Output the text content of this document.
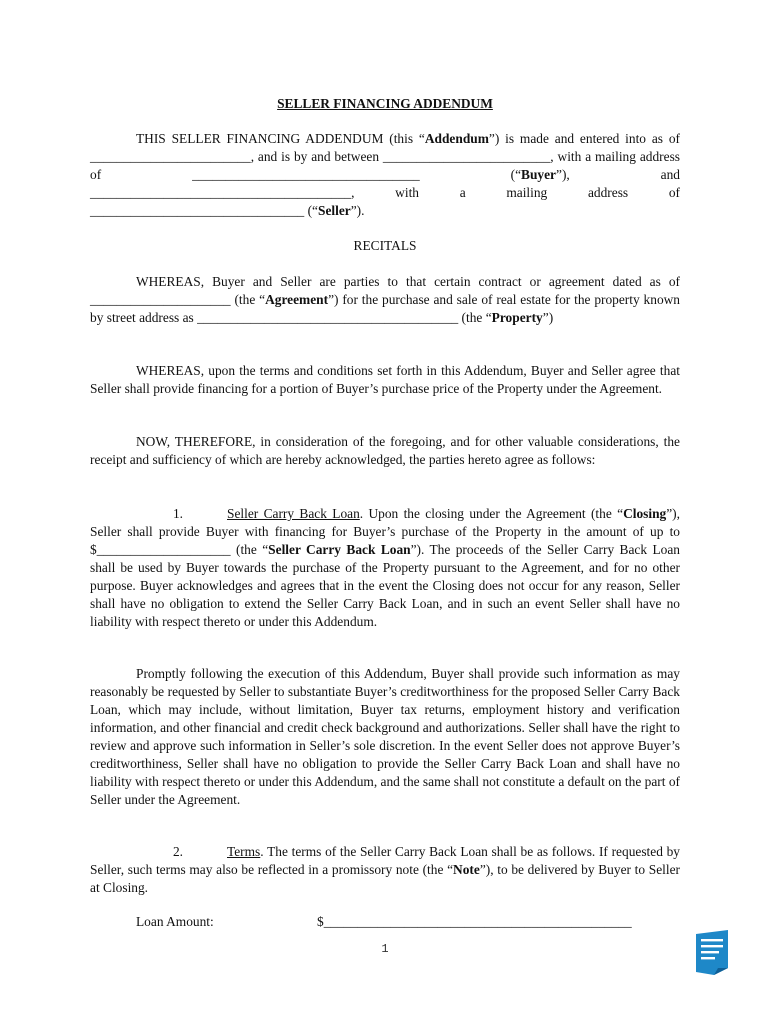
SELLER FINANCING ADDENDUM
THIS SELLER FINANCING ADDENDUM (this “Addendum”) is made and entered into as of ________________________, and is by and between _________________________, with a mailing address of __________________________________ (“Buyer”), and _______________________________________, with a mailing address of ________________________________ (“Seller”).
RECITALS
WHEREAS, Buyer and Seller are parties to that certain contract or agreement dated as of _____________________ (the “Agreement”) for the purchase and sale of real estate for the property known by street address as _______________________________________ (the “Property”)
WHEREAS, upon the terms and conditions set forth in this Addendum, Buyer and Seller agree that Seller shall provide financing for a portion of Buyer’s purchase price of the Property under the Agreement.
NOW, THEREFORE, in consideration of the foregoing, and for other valuable considerations, the receipt and sufficiency of which are hereby acknowledged, the parties hereto agree as follows:
1.	Seller Carry Back Loan. Upon the closing under the Agreement (the “Closing”), Seller shall provide Buyer with financing for Buyer’s purchase of the Property in the amount of up to $____________________ (the “Seller Carry Back Loan”). The proceeds of the Seller Carry Back Loan shall be used by Buyer towards the purchase of the Property pursuant to the Agreement, and for no other purpose. Buyer acknowledges and agrees that in the event the Closing does not occur for any reason, Seller shall have no obligation to extend the Seller Carry Back Loan, and in such an event Seller shall have no liability with respect thereto or under this Addendum.
Promptly following the execution of this Addendum, Buyer shall provide such information as may reasonably be requested by Seller to substantiate Buyer’s creditworthiness for the proposed Seller Carry Back Loan, which may include, without limitation, Buyer tax returns, employment history and verification information, and other financial and credit check background and authorizations. Seller shall have the right to review and approve such information in Seller’s sole discretion. In the event Seller does not approve Buyer’s creditworthiness, Seller shall have no obligation to provide the Seller Carry Back Loan and shall have no liability with respect thereto or under this Addendum, and the same shall not constitute a default on the part of Seller under the Agreement.
2.	Terms. The terms of the Seller Carry Back Loan shall be as follows. If requested by Seller, such terms may also be reflected in a promissory note (the “Note”), to be delivered by Buyer to Seller at Closing.
Loan Amount:	$______________________________________________
1
